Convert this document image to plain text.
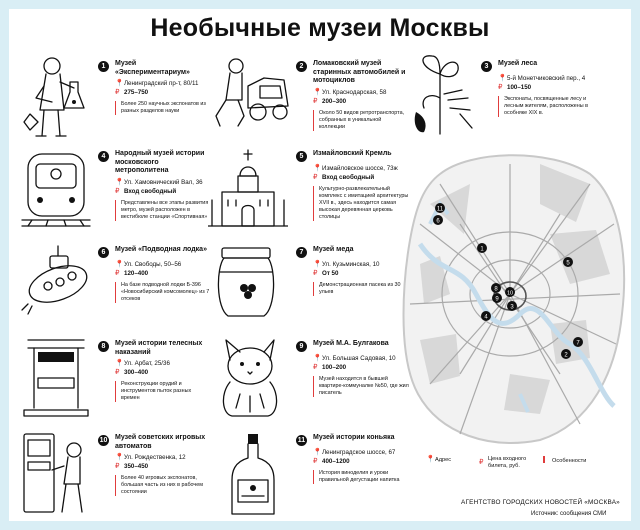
Необычные музеи Москвы
1	Музей «Экспериментариум»
📍 Ленинградский пр-т, 80/11
₽ 275–750
Более 250 научных экспонатов из разных разделов науки
2	Ломаковский музей старинных автомобилей и мотоциклов
📍 Ул. Краснодарская, 58
₽ 200–300
Около 50 видов ретротранспорта, собранных в уникальной коллекции
3	Музей леса
📍 5-й Монетчиковский пер., 4
₽ 100–150
Экспонаты, посвященные лесу и лесным жителям, расположены в особняке XIX в.
4	Народный музей истории московского метрополитена
📍 Ул. Хамовнический Вал, 36
₽ Вход свободный
Представлены все этапы развития метро, музей расположен в вестибюле станции «Спортивная»
5	Измайловский Кремль
📍 Измайловское шоссе, 73ж
₽ Вход свободный
Культурно-развлекательный комплекс с имитацией архитектуры XVII в., здесь находится самая высокая деревянная церковь столицы
6	Музей «Подводная лодка»
📍 Ул. Свободы, 50–56
₽ 120–400
На базе подводной лодки Б-396 «Новосибирский комсомолец» из 7 отсеков
7	Музей меда
📍 Ул. Кузьминская, 10
₽ От 50
Демонстрационная пасека из 30 ульев
8	Музей истории телесных наказаний
📍 Ул. Арбат, 25/36
₽ 300–400
Реконструкции орудий и инструментов пыток разных времен
9	Музей М.А. Булгакова
📍 Ул. Большая Садовая, 10
₽ 100–200
Музей находится в бывшей квартире-коммуналке №50, где жил писатель
10 Музей советских игровых автоматов
📍 Ул. Рождественка, 12
₽ 350–450
Более 40 игровых экспонатов, большая часть из них в рабочем состоянии
11 Музей истории коньяка
📍 Ленинградское шоссе, 67
₽ 400–1200
История виноделия и уроки правильной дегустации напитка
11
6
1
5
8
9
10
3
4
7
2
📍 Адрес	₽ Цена входного билета, руб.
Особенности
АГЕНТСТВО ГОРОДСКИХ НОВОСТЕЙ «МОСКВА»
Источник: сообщения СМИ
